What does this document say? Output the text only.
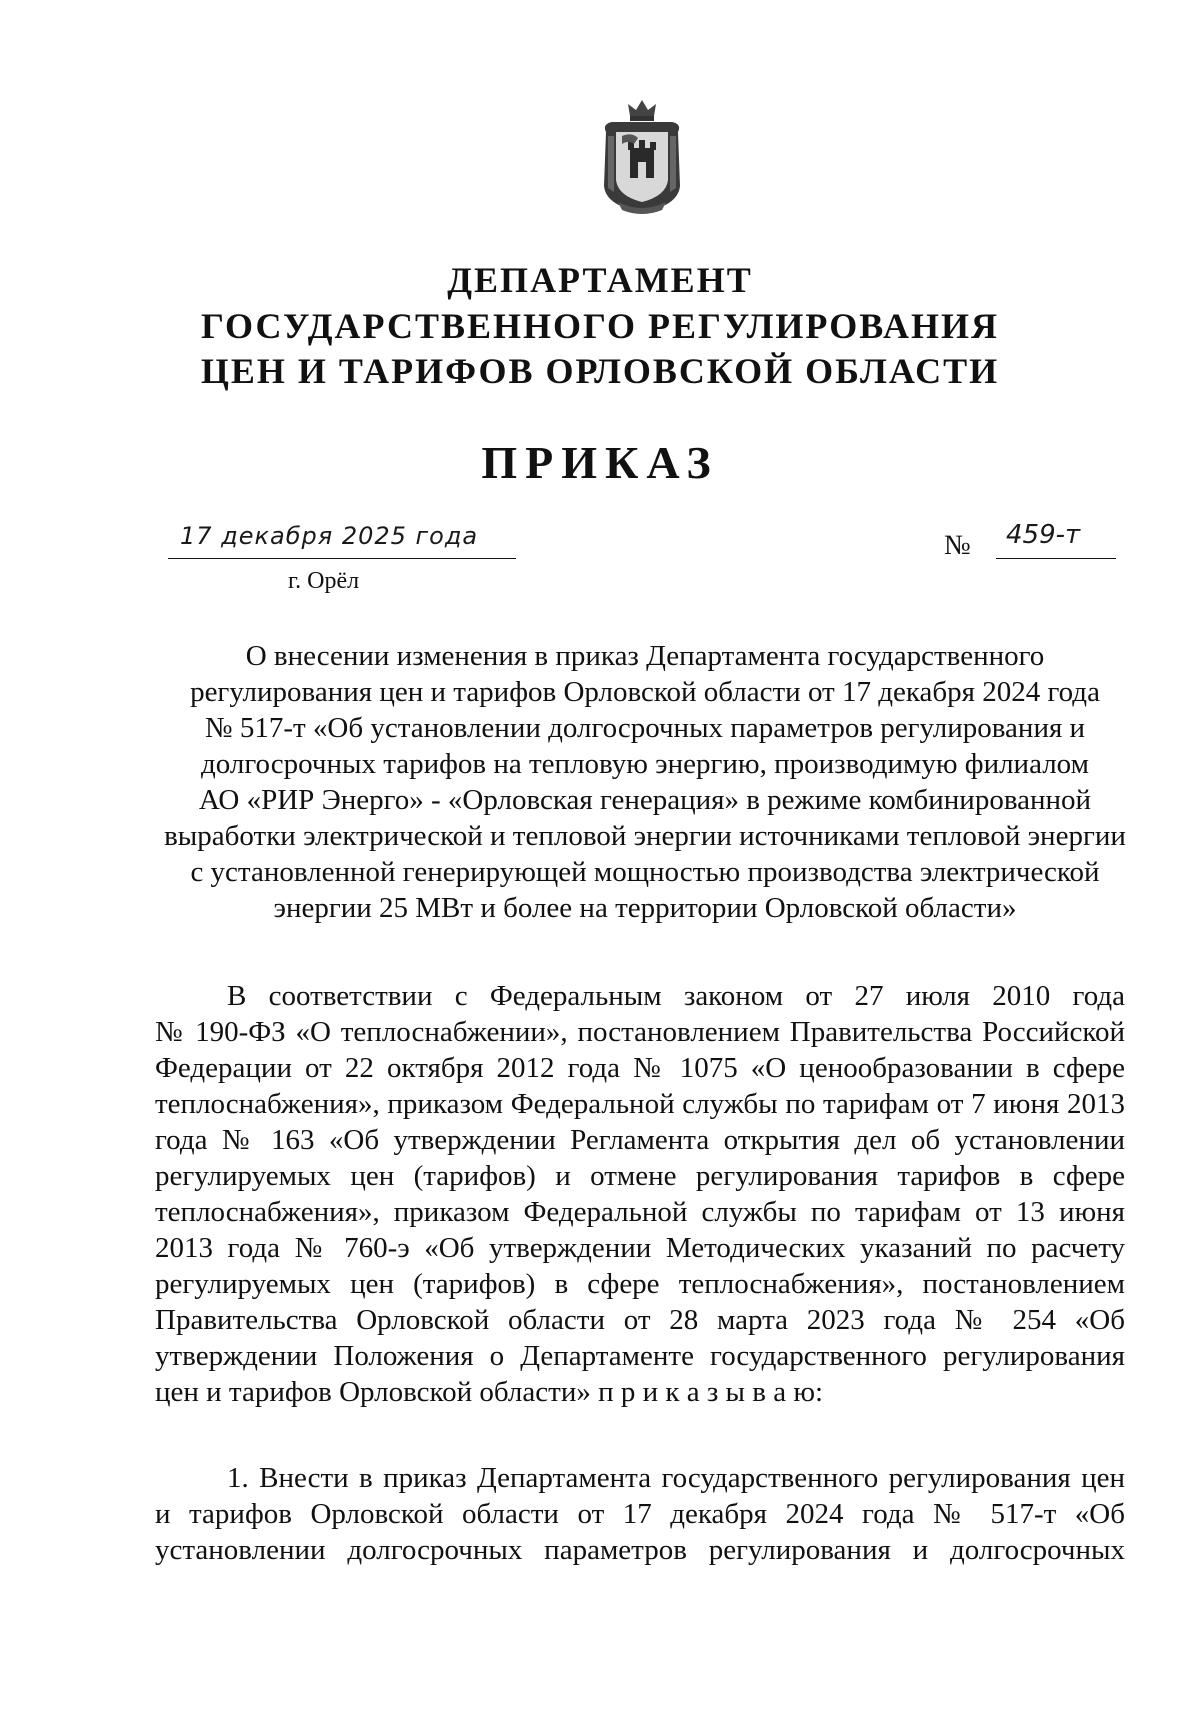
ДЕПАРТАМЕНТ
ГОСУДАРСТВЕННОГО РЕГУЛИРОВАНИЯ
ЦЕН И ТАРИФОВ ОРЛОВСКОЙ ОБЛАСТИ
ПРИКАЗ
17 декабря 2025 года
г. Орёл
№ 459-т
О внесении изменения в приказ Департамента государственного
регулирования цен и тарифов Орловской области от 17 декабря 2024 года
№ 517-т «Об установлении долгосрочных параметров регулирования и
долгосрочных тарифов на тепловую энергию, производимую филиалом
АО «РИР Энерго» - «Орловская генерация» в режиме комбинированной
выработки электрической и тепловой энергии источниками тепловой энергии
с установленной генерирующей мощностью производства электрической
энергии 25 МВт и более на территории Орловской области»
В соответствии с Федеральным законом от 27 июля 2010 года
№ 190-ФЗ «О теплоснабжении», постановлением Правительства Российской
Федерации от 22 октября 2012 года № 1075 «О ценообразовании в сфере
теплоснабжения», приказом Федеральной службы по тарифам от 7 июня 2013
года № 163 «Об утверждении Регламента открытия дел об установлении
регулируемых цен (тарифов) и отмене регулирования тарифов в сфере
теплоснабжения», приказом Федеральной службы по тарифам от 13 июня
2013 года № 760-э «Об утверждении Методических указаний по расчету
регулируемых цен (тарифов) в сфере теплоснабжения», постановлением
Правительства Орловской области от 28 марта 2023 года № 254 «Об
утверждении Положения о Департаменте государственного регулирования
цен и тарифов Орловской области» п р и к а з ы в а ю:
1. Внести в приказ Департамента государственного регулирования цен
и тарифов Орловской области от 17 декабря 2024 года № 517-т «Об
установлении долгосрочных параметров регулирования и долгосрочных
